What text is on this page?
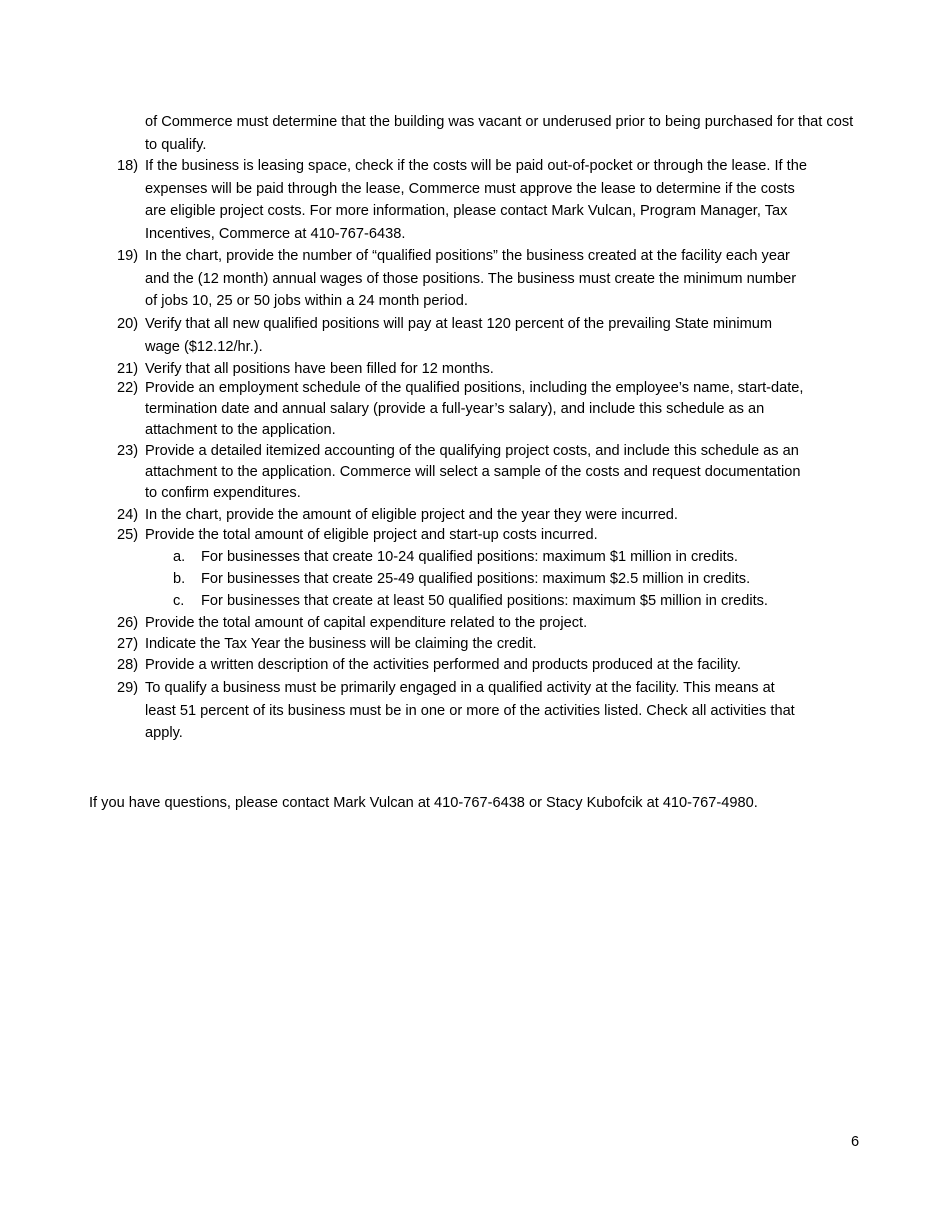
of Commerce must determine that the building was vacant or underused prior to being purchased for that cost to qualify.
18) If the business is leasing space, check if the costs will be paid out-of-pocket or through the lease. If the
expenses will be paid through the lease, Commerce must approve the lease to determine if the costs
are eligible project costs. For more information, please contact Mark Vulcan, Program Manager, Tax
Incentives, Commerce at 410-767-6438.
19) In the chart, provide the number of “qualified positions” the business created at the facility each year
and the (12 month) annual wages of those positions. The business must create the minimum number
of jobs 10, 25 or 50 jobs within a 24 month period.
20) Verify that all new qualified positions will pay at least 120 percent of the prevailing State minimum
wage ($12.12/hr.).
21) Verify that all positions have been filled for 12 months.
22) Provide an employment schedule of the qualified positions, including the employee’s name, start-date,
termination date and annual salary (provide a full-year’s salary), and include this schedule as an
attachment to the application.
23) Provide a detailed itemized accounting of the qualifying project costs, and include this schedule as an
attachment to the application. Commerce will select a sample of the costs and request documentation
to confirm expenditures.
24) In the chart, provide the amount of eligible project and the year they were incurred.
25) Provide the total amount of eligible project and start-up costs incurred.
a.	For businesses that create 10-24 qualified positions: maximum $1 million in credits.
b.	For businesses that create 25-49 qualified positions: maximum $2.5 million in credits.
c.	For businesses that create at least 50 qualified positions: maximum $5 million in credits.
26) Provide the total amount of capital expenditure related to the project.
27) Indicate the Tax Year the business will be claiming the credit.
28) Provide a written description of the activities performed and products produced at the facility.
29) To qualify a business must be primarily engaged in a qualified activity at the facility. This means at
least 51 percent of its business must be in one or more of the activities listed. Check all activities that
apply.
If you have questions, please contact Mark Vulcan at 410-767-6438 or Stacy Kubofcik at 410-767-4980.
6
